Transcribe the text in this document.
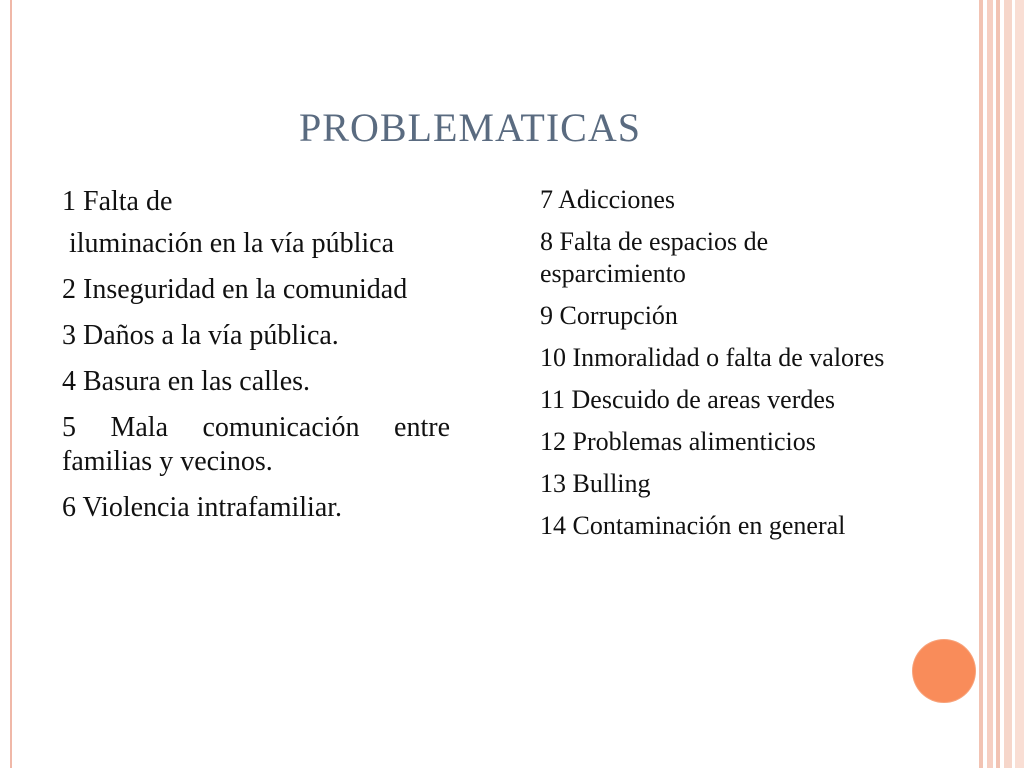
PROBLEMATICAS
1 Falta de
iluminación en la vía pública
2 Inseguridad en la comunidad
3 Daños a la vía pública.
4 Basura en las calles.
5 Mala comunicación entre familias y vecinos.
6 Violencia intrafamiliar.
7 Adicciones
8 Falta de espacios de esparcimiento
9 Corrupción
10 Inmoralidad o falta de valores
11 Descuido de areas verdes
12 Problemas alimenticios
13 Bulling
14 Contaminación en general
